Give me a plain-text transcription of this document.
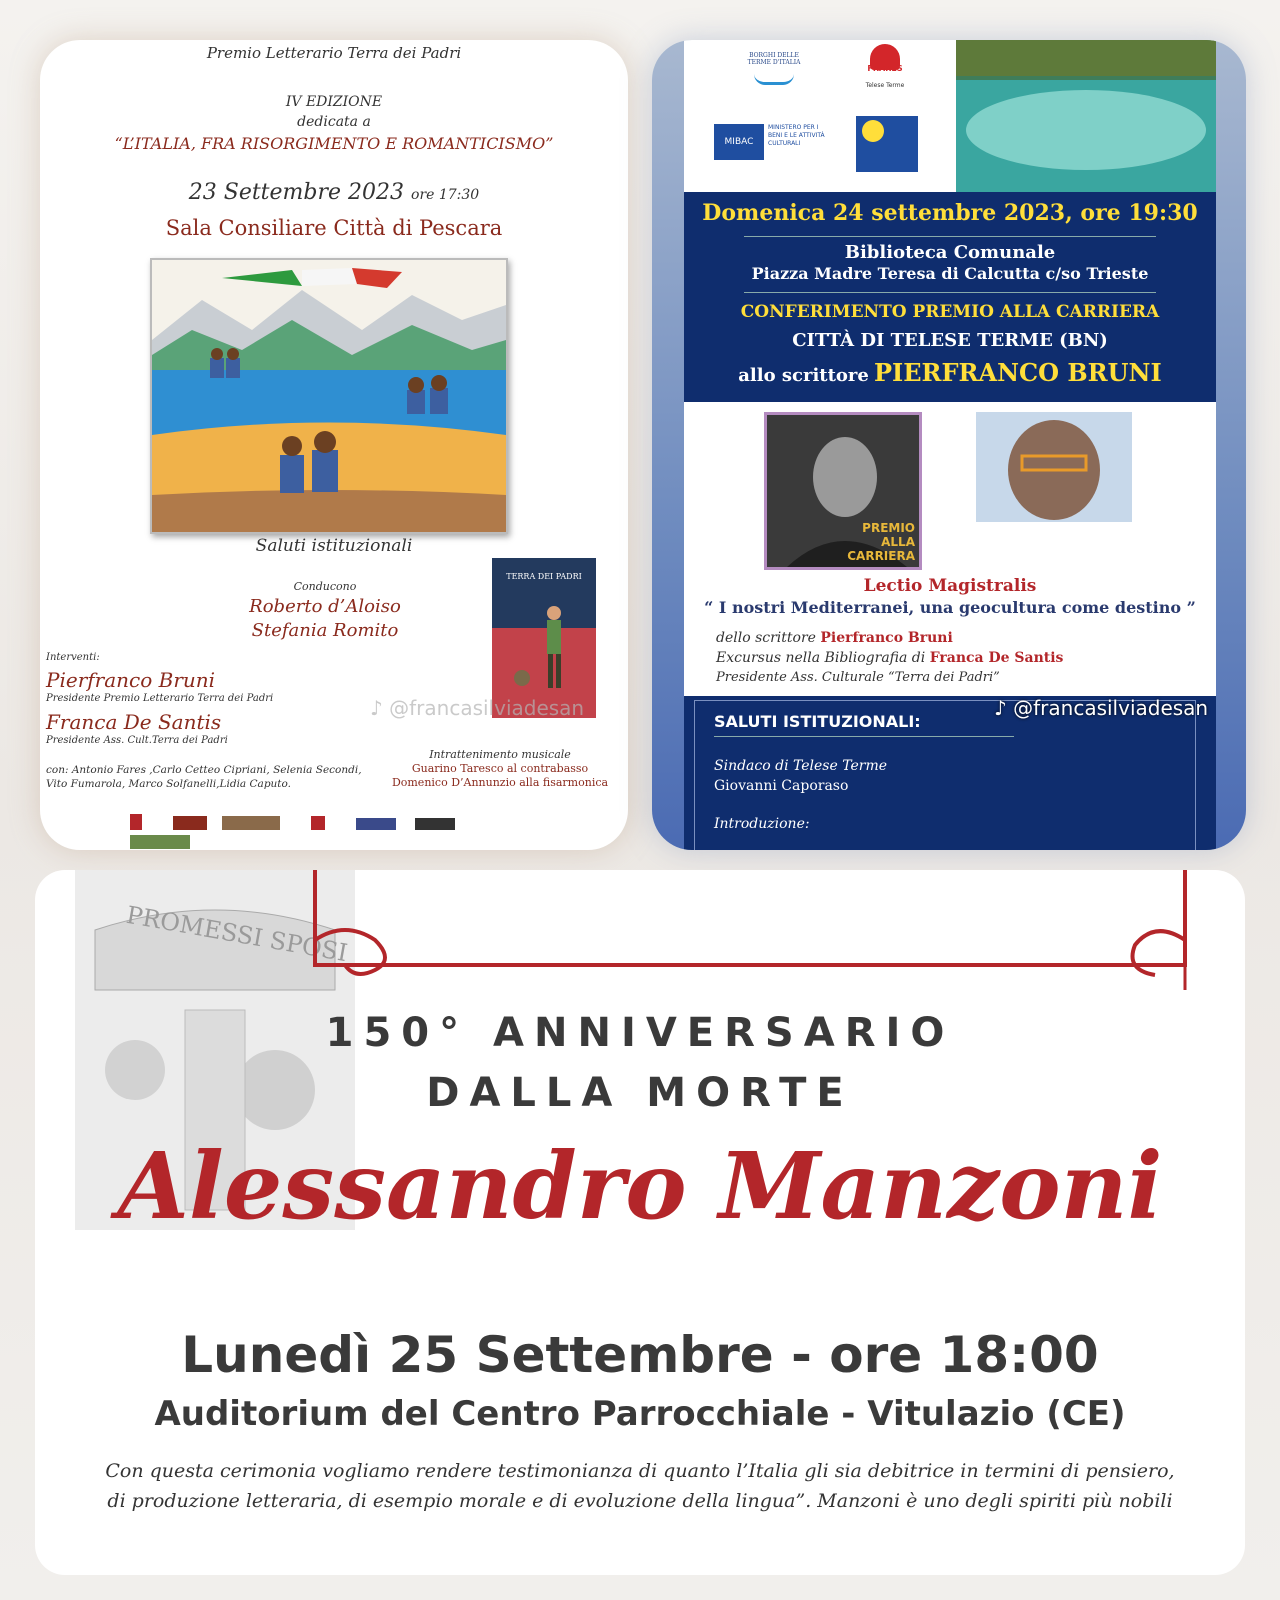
Premio Letterario Terra dei Padri
IV EDIZIONE
dedicata a
“L’ITALIA, FRA RISORGIMENTO E ROMANTICISMO”
23 Settembre 2023 ore 17:30
Sala Consiliare Città di Pescara
Saluti istituzionali
Conducono
Roberto d’Aloiso
Stefania Romito
TERRA DEI PADRI
Interventi:
Pierfranco Bruni
Presidente Premio Letterario Terra dei Padri
Franca De Santis
Presidente Ass. Cult.Terra dei Padri
con: Antonio Fares ,Carlo Cetteo Cipriani, Selenia Secondi,
Vito Fumarola, Marco Solfanelli,Lidia Caputo.
Intrattenimento musicale
Guarino Taresco al contrabasso
Domenico D’Annunzio alla fisarmonica
♪ @francasilviadesan

BORGHI DELLE TERME D'ITALIA
FRARES
Telese Terme
MIBAC
MINISTERO PER I BENI E LE ATTIVITÀ CULTURALI
Domenica 24 settembre 2023, ore 19:30
Biblioteca Comunale
Piazza Madre Teresa di Calcutta c/so Trieste
CONFERIMENTO PREMIO ALLA CARRIERA
CITTÀ DI TELESE TERME (BN)
allo scrittore PIERFRANCO BRUNI
PREMIO ALLA CARRIERA
Lectio Magistralis
“ I nostri Mediterranei, una geocultura come destino ”
dello scrittore Pierfranco Bruni
Excursus nella Bibliografia di Franca De Santis
Presidente Ass. Culturale “Terra dei Padri”
SALUTI ISTITUZIONALI:
Sindaco di Telese Terme
Giovanni Caporaso
Introduzione:
♪ @francasilviadesan
PROMESSI SPOSI
150° ANNIVERSARIO
DALLA MORTE
Alessandro Manzoni
Lunedì 25 Settembre - ore 18:00
Auditorium del Centro Parrocchiale - Vitulazio (CE)
Con questa cerimonia vogliamo rendere testimonianza di quanto l’Italia gli sia debitrice in termini di pensiero,
di produzione letteraria, di esempio morale e di evoluzione della lingua”. Manzoni è uno degli spiriti più nobili
